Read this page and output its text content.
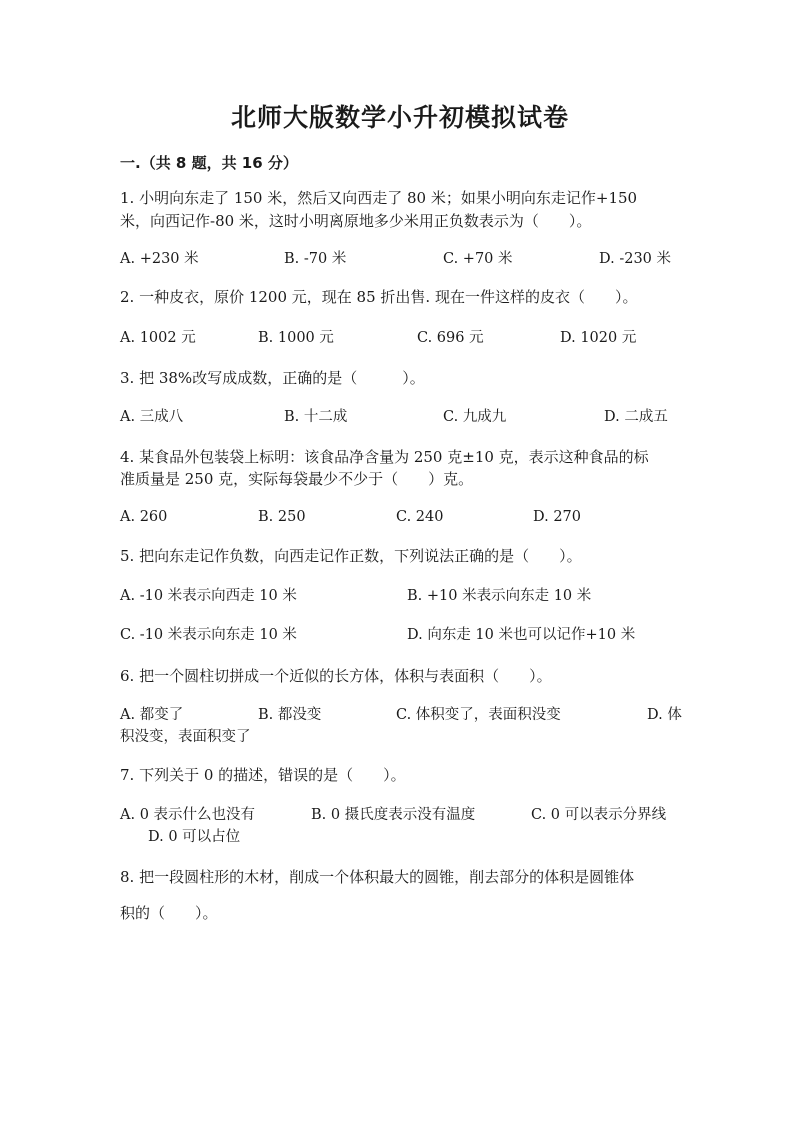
北师大版数学小升初模拟试卷
一.（共 8 题，共 16 分）
1. 小明向东走了 150 米，然后又向西走了 80 米；如果小明向东走记作+150
米，向西记作-80 米，这时小明离原地多少米用正负数表示为（　　）。
A. +230 米	B. -70 米	C. +70 米	D. -230 米
2. 一种皮衣，原价 1200 元，现在 85 折出售. 现在一件这样的皮衣（　　）。
A. 1002 元	B. 1000 元	C. 696 元	D. 1020 元
3. 把 38%改写成成数，正确的是（　　　）。
A. 三成八	B. 十二成	C. 九成九	D. 二成五
4. 某食品外包装袋上标明：该食品净含量为 250 克±10 克，表示这种食品的标
准质量是 250 克，实际每袋最少不少于（　　）克。
A. 260	B. 250	C. 240	D. 270
5. 把向东走记作负数，向西走记作正数，下列说法正确的是（　　）。
A. -10 米表示向西走 10 米	B. +10 米表示向东走 10 米
C. -10 米表示向东走 10 米	D. 向东走 10 米也可以记作+10 米
6. 把一个圆柱切拼成一个近似的长方体，体积与表面积（　　）。
A. 都变了	B. 都没变	C. 体积变了，表面积没变	D. 体
积没变，表面积变了
7. 下列关于 0 的描述，错误的是（　　）。
A. 0 表示什么也没有	B. 0 摄氏度表示没有温度	C. 0 可以表示分界线
D. 0 可以占位
8. 把一段圆柱形的木材，削成一个体积最大的圆锥，削去部分的体积是圆锥体
积的（　　）。
